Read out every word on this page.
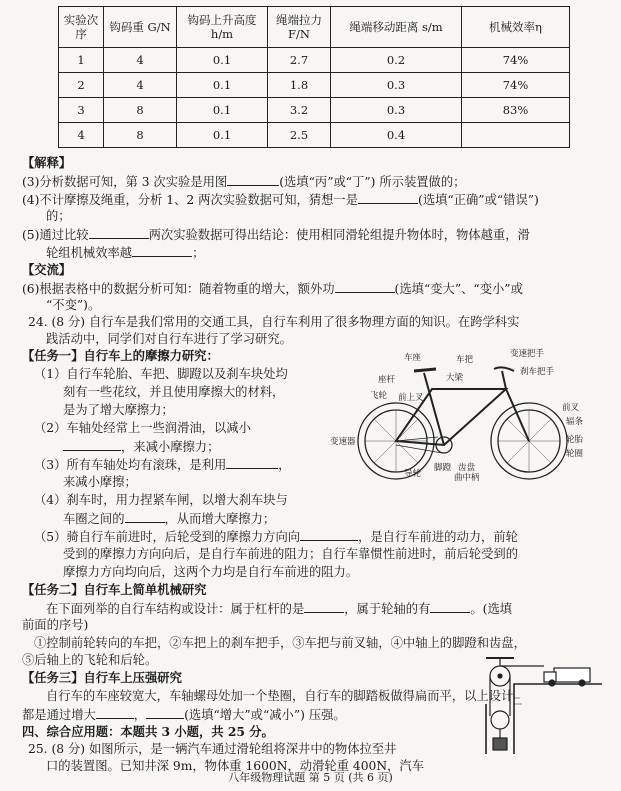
实验次序	钩码重 G/N	钩码上升高度 h/m	绳端拉力 F/N	绳端移动距离 s/m	机械效率η
1	4	0.1	2.7	0.2	74%
2	4	0.1	1.8	0.3	74%
3	8	0.1	3.2	0.3	83%
4	8	0.1	2.5	0.4	
【解释】
(3)分析数据可知，第 3 次实验是用图	(选填“丙”或“丁”) 所示装置做的；
(4)不计摩擦及绳重，分析 1、2 两次实验数据可知，猜想一是	(选填“正确”或“错误”)
的；
(5)通过比较	两次实验数据可得出结论：使用相同滑轮组提升物体时，物体越重，滑
轮组机械效率越	；
【交流】
(6)根据表格中的数据分析可知：随着物重的增大，额外功	(选填“变大”、“变小”或
“不变”)。
24. (8 分) 自行车是我们常用的交通工具，自行车利用了很多物理方面的知识。在跨学科实
践活动中，同学们对自行车进行了学习研究。
【任务一】自行车上的摩擦力研究：
（1）自行车轮胎、车把、脚蹬以及刹车块处均
刻有一些花纹，并且使用摩擦大的材料，
是为了增大摩擦力；
（2）车轴处经常上一些润滑油，以减小
，来减小摩擦力；
（3）所有车轴处均有滚珠，是利用	，
来减小摩擦；
（4）刹车时，用力捏紧车闸，以增大刹车块与
车圈之间的	，从而增大摩擦力；
（5）骑自行车前进时，后轮受到的摩擦力方向向	，是自行车前进的动力，前轮
受到的摩擦力方向向后，是自行车前进的阻力；自行车靠惯性前进时，前后轮受到的
摩擦力方向均向后，这两个力均是自行车前进的阻力。
【任务二】自行车上简单机械研究
在下面列举的自行车结构或设计：属于杠杆的是	，属于轮轴的有	。(选填
前面的序号)
①控制前轮转向的车把，②车把上的刹车把手，③车把与前叉轴，④中轴上的脚蹬和齿盘，
⑤后轴上的飞轮和后轮。
【任务三】自行车上压强研究
自行车的车座较宽大，车轴螺母处加一个垫圈，自行车的脚踏板做得扁而平，以上设计
都是通过增大	，	(选填“增大”或“减小”) 压强。
四、综合应用题：本题共 3 小题，共 25 分。
25. (8 分) 如图所示，是一辆汽车通过滑轮组将深井中的物体拉至井
口的装置图。已知井深 9m，物体重 1600N，动滑轮重 400N，汽车
车座	车把
变速把手
刹车把手
座杆	大梁
飞轮 前上叉
前叉
辐条
轮胎
轮圈
变速器
导轮
脚蹬 齿盘
曲中柄
八年级物理试题 第 5 页 (共 6 页)
